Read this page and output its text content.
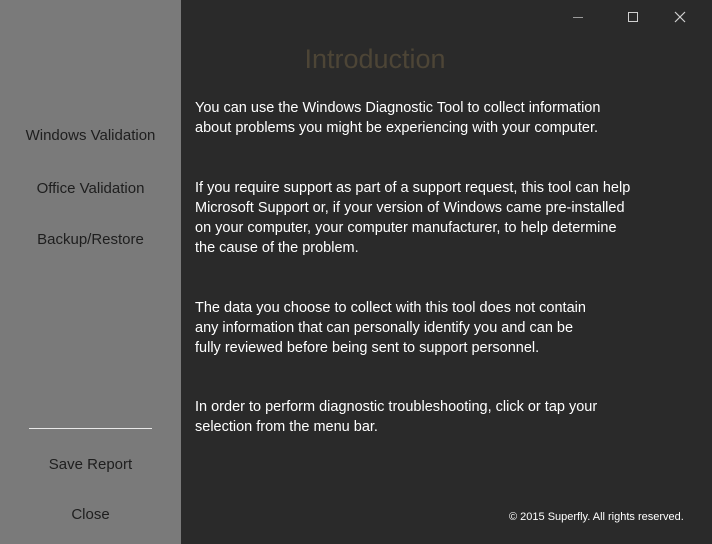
Windows Validation
Office Validation
Backup/Restore
Save Report
Close
Introduction
You can use the Windows Diagnostic Tool to collect information
about problems you might be experiencing with your computer.
If you require support as part of a support request, this tool can help
Microsoft Support or, if your version of Windows came pre-installed
on your computer, your computer manufacturer, to help determine
the cause of the problem.
The data you choose to collect with this tool does not contain
any information that can personally identify you and can be
fully reviewed before being sent to support personnel.
In order to perform diagnostic troubleshooting, click or tap your
selection from the menu bar.
© 2015 Superfly. All rights reserved.
